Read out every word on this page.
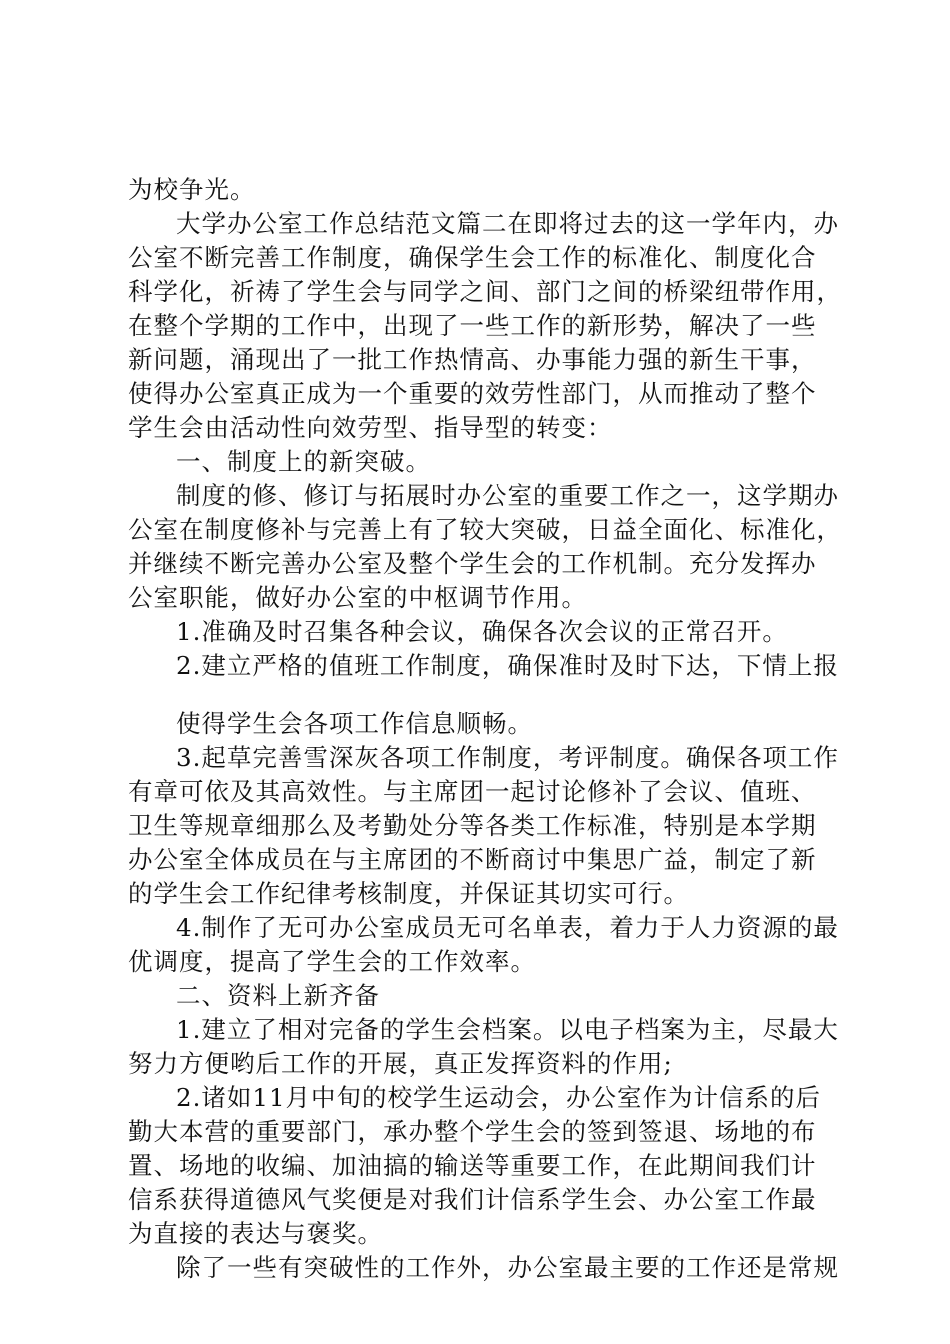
为校争光。
大学办公室工作总结范文篇二在即将过去的这一学年内，办
公室不断完善工作制度，确保学生会工作的标准化、制度化合
科学化，祈祷了学生会与同学之间、部门之间的桥梁纽带作用，
在整个学期的工作中，出现了一些工作的新形势，解决了一些
新问题，涌现出了一批工作热情高、办事能力强的新生干事，
使得办公室真正成为一个重要的效劳性部门，从而推动了整个
学生会由活动性向效劳型、指导型的转变：
一、制度上的新突破。
制度的修、修订与拓展时办公室的重要工作之一，这学期办
公室在制度修补与完善上有了较大突破，日益全面化、标准化，
并继续不断完善办公室及整个学生会的工作机制。充分发挥办
公室职能，做好办公室的中枢调节作用。
1.准确及时召集各种会议，确保各次会议的正常召开。
2.建立严格的值班工作制度，确保准时及时下达，下情上报
使得学生会各项工作信息顺畅。
3.起草完善雪深灰各项工作制度，考评制度。确保各项工作
有章可依及其高效性。与主席团一起讨论修补了会议、值班、
卫生等规章细那么及考勤处分等各类工作标准，特别是本学期
办公室全体成员在与主席团的不断商讨中集思广益，制定了新
的学生会工作纪律考核制度，并保证其切实可行。
4.制作了无可办公室成员无可名单表，着力于人力资源的最
优调度，提高了学生会的工作效率。
二、资料上新齐备
1.建立了相对完备的学生会档案。以电子档案为主，尽最大
努力方便哟后工作的开展，真正发挥资料的作用;
2.诸如11月中旬的校学生运动会，办公室作为计信系的后
勤大本营的重要部门，承办整个学生会的签到签退、场地的布
置、场地的收编、加油搞的输送等重要工作，在此期间我们计
信系获得道德风气奖便是对我们计信系学生会、办公室工作最
为直接的表达与褒奖。
除了一些有突破性的工作外，办公室最主要的工作还是常规
